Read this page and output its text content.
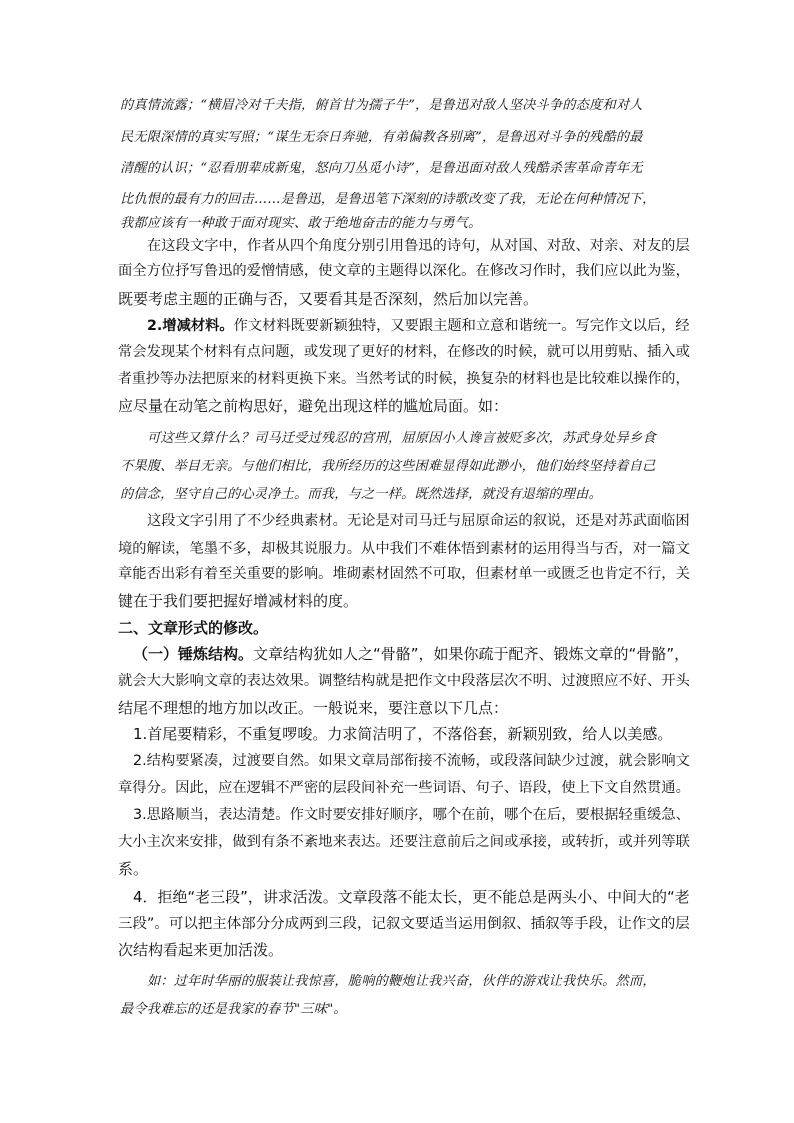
的真情流露；“横眉冷对千夫指，俯首甘为孺子牛”，是鲁迅对敌人坚决斗争的态度和对人
民无限深情的真实写照；“谋生无奈日奔驰，有弟偏教各别离”，是鲁迅对斗争的残酷的最
清醒的认识；“忍看朋辈成新鬼，怒向刀丛觅小诗”，是鲁迅面对敌人残酷杀害革命青年无
比仇恨的最有力的回击……是鲁迅，是鲁迅笔下深刻的诗歌改变了我，无论在何种情况下，
我都应该有一种敢于面对现实、敢于绝地奋击的能力与勇气。
在这段文字中，作者从四个角度分别引用鲁迅的诗句，从对国、对敌、对亲、对友的层
面全方位抒写鲁迅的爱憎情感，使文章的主题得以深化。在修改习作时，我们应以此为鉴，
既要考虑主题的正确与否，又要看其是否深刻，然后加以完善。
2.增减材料。作文材料既要新颖独特，又要跟主题和立意和谐统一。写完作文以后，经
常会发现某个材料有点问题，或发现了更好的材料，在修改的时候，就可以用剪贴、插入或
者重抄等办法把原来的材料更换下来。当然考试的时候，换复杂的材料也是比较难以操作的，
应尽量在动笔之前构思好，避免出现这样的尴尬局面。如：
可这些又算什么？司马迁受过残忍的宫刑，屈原因小人谗言被贬多次，苏武身处异乡食
不果腹、举目无亲。与他们相比，我所经历的这些困难显得如此渺小，他们始终坚持着自己
的信念，坚守自己的心灵净土。而我，与之一样。既然选择，就没有退缩的理由。
这段文字引用了不少经典素材。无论是对司马迁与屈原命运的叙说，还是对苏武面临困
境的解读，笔墨不多，却极其说服力。从中我们不难体悟到素材的运用得当与否，对一篇文
章能否出彩有着至关重要的影响。堆砌素材固然不可取，但素材单一或匮乏也肯定不行，关
键在于我们要把握好增减材料的度。
二、文章形式的修改。
（一）锤炼结构。文章结构犹如人之“骨骼”，如果你疏于配齐、锻炼文章的“骨骼”，
就会大大影响文章的表达效果。调整结构就是把作文中段落层次不明、过渡照应不好、开头
结尾不理想的地方加以改正。一般说来，要注意以下几点：
1.首尾要精彩，不重复啰唆。力求简洁明了，不落俗套，新颖别致，给人以美感。
2.结构要紧凑，过渡要自然。如果文章局部衔接不流畅，或段落间缺少过渡，就会影响文
章得分。因此，应在逻辑不严密的层段间补充一些词语、句子、语段，使上下文自然贯通。
3.思路顺当，表达清楚。作文时要安排好顺序，哪个在前，哪个在后，要根据轻重缓急、
大小主次来安排，做到有条不紊地来表达。还要注意前后之间或承接，或转折，或并列等联
系。
4．拒绝“老三段”，讲求活泼。文章段落不能太长，更不能总是两头小、中间大的“老
三段”。可以把主体部分分成两到三段，记叙文要适当运用倒叙、插叙等手段，让作文的层
次结构看起来更加活泼。
如：过年时华丽的服装让我惊喜，脆响的鞭炮让我兴奋，伙伴的游戏让我快乐。然而，
最令我难忘的还是我家的春节"三味"。
